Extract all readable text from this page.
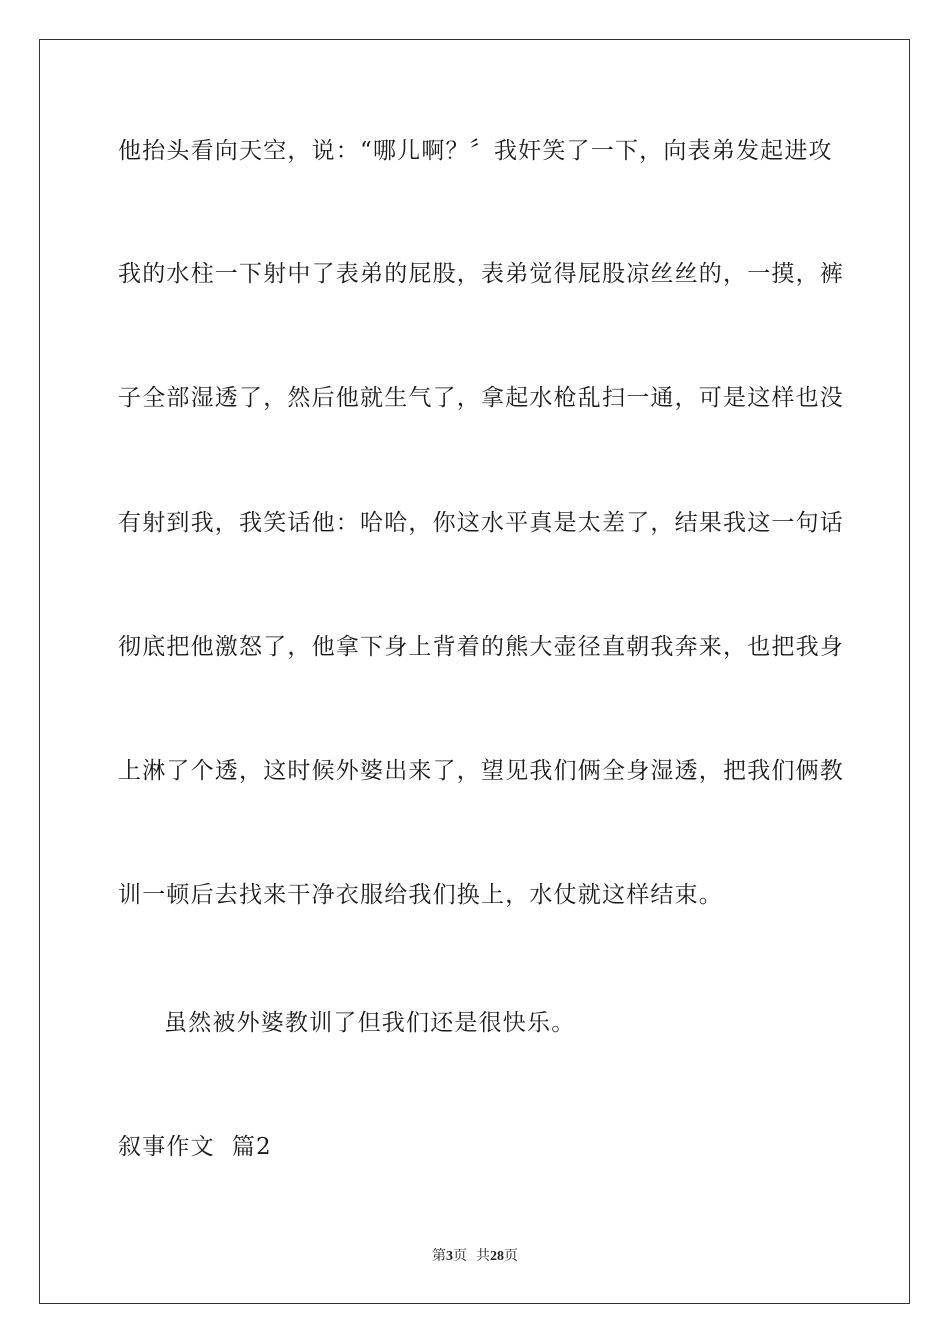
他抬头看向天空，说：“哪儿啊？〞我奸笑了一下，向表弟发起进攻
我的水柱一下射中了表弟的屁股，表弟觉得屁股凉丝丝的，一摸，裤
子全部湿透了，然后他就生气了，拿起水枪乱扫一通，可是这样也没
有射到我，我笑话他：哈哈，你这水平真是太差了，结果我这一句话
彻底把他激怒了，他拿下身上背着的熊大壶径直朝我奔来，也把我身
上淋了个透，这时候外婆出来了，望见我们俩全身湿透，把我们俩教
训一顿后去找来干净衣服给我们换上，水仗就这样结束。
虽然被外婆教训了但我们还是很快乐。
叙事作文  篇2
第3页  共28页
